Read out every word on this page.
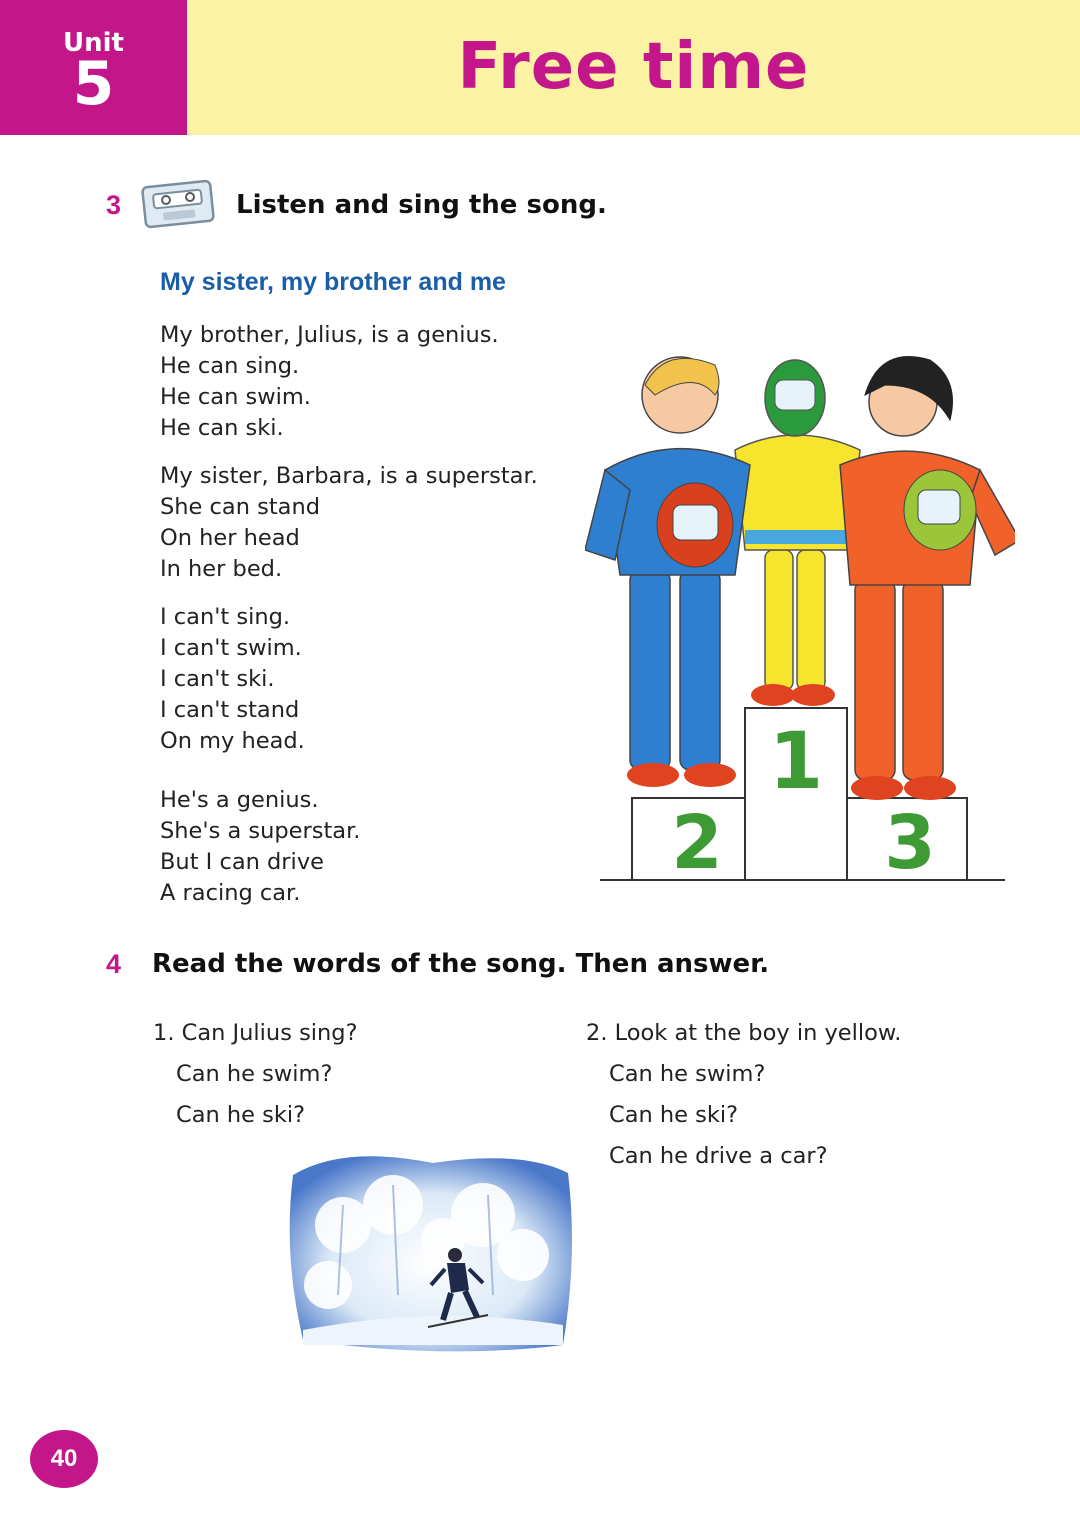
Unit
5	Free time
3	Listen and sing the song.
My sister, my brother and me
My brother, Julius, is a genius.
He can sing.
He can swim.
He can ski.
My sister, Barbara, is a superstar.
She can stand
On her head
In her bed.
I can't sing.
I can't swim.
I can't ski.
I can't stand
On my head.
He's a genius.
She's a superstar.
But I can drive
A racing car.
1
2 3
4 Read the words of the song. Then answer.
1. Can Julius sing?
Can he swim?
Can he ski?
2. Look at the boy in yellow.
Can he swim?
Can he ski?
Can he drive a car?
40
